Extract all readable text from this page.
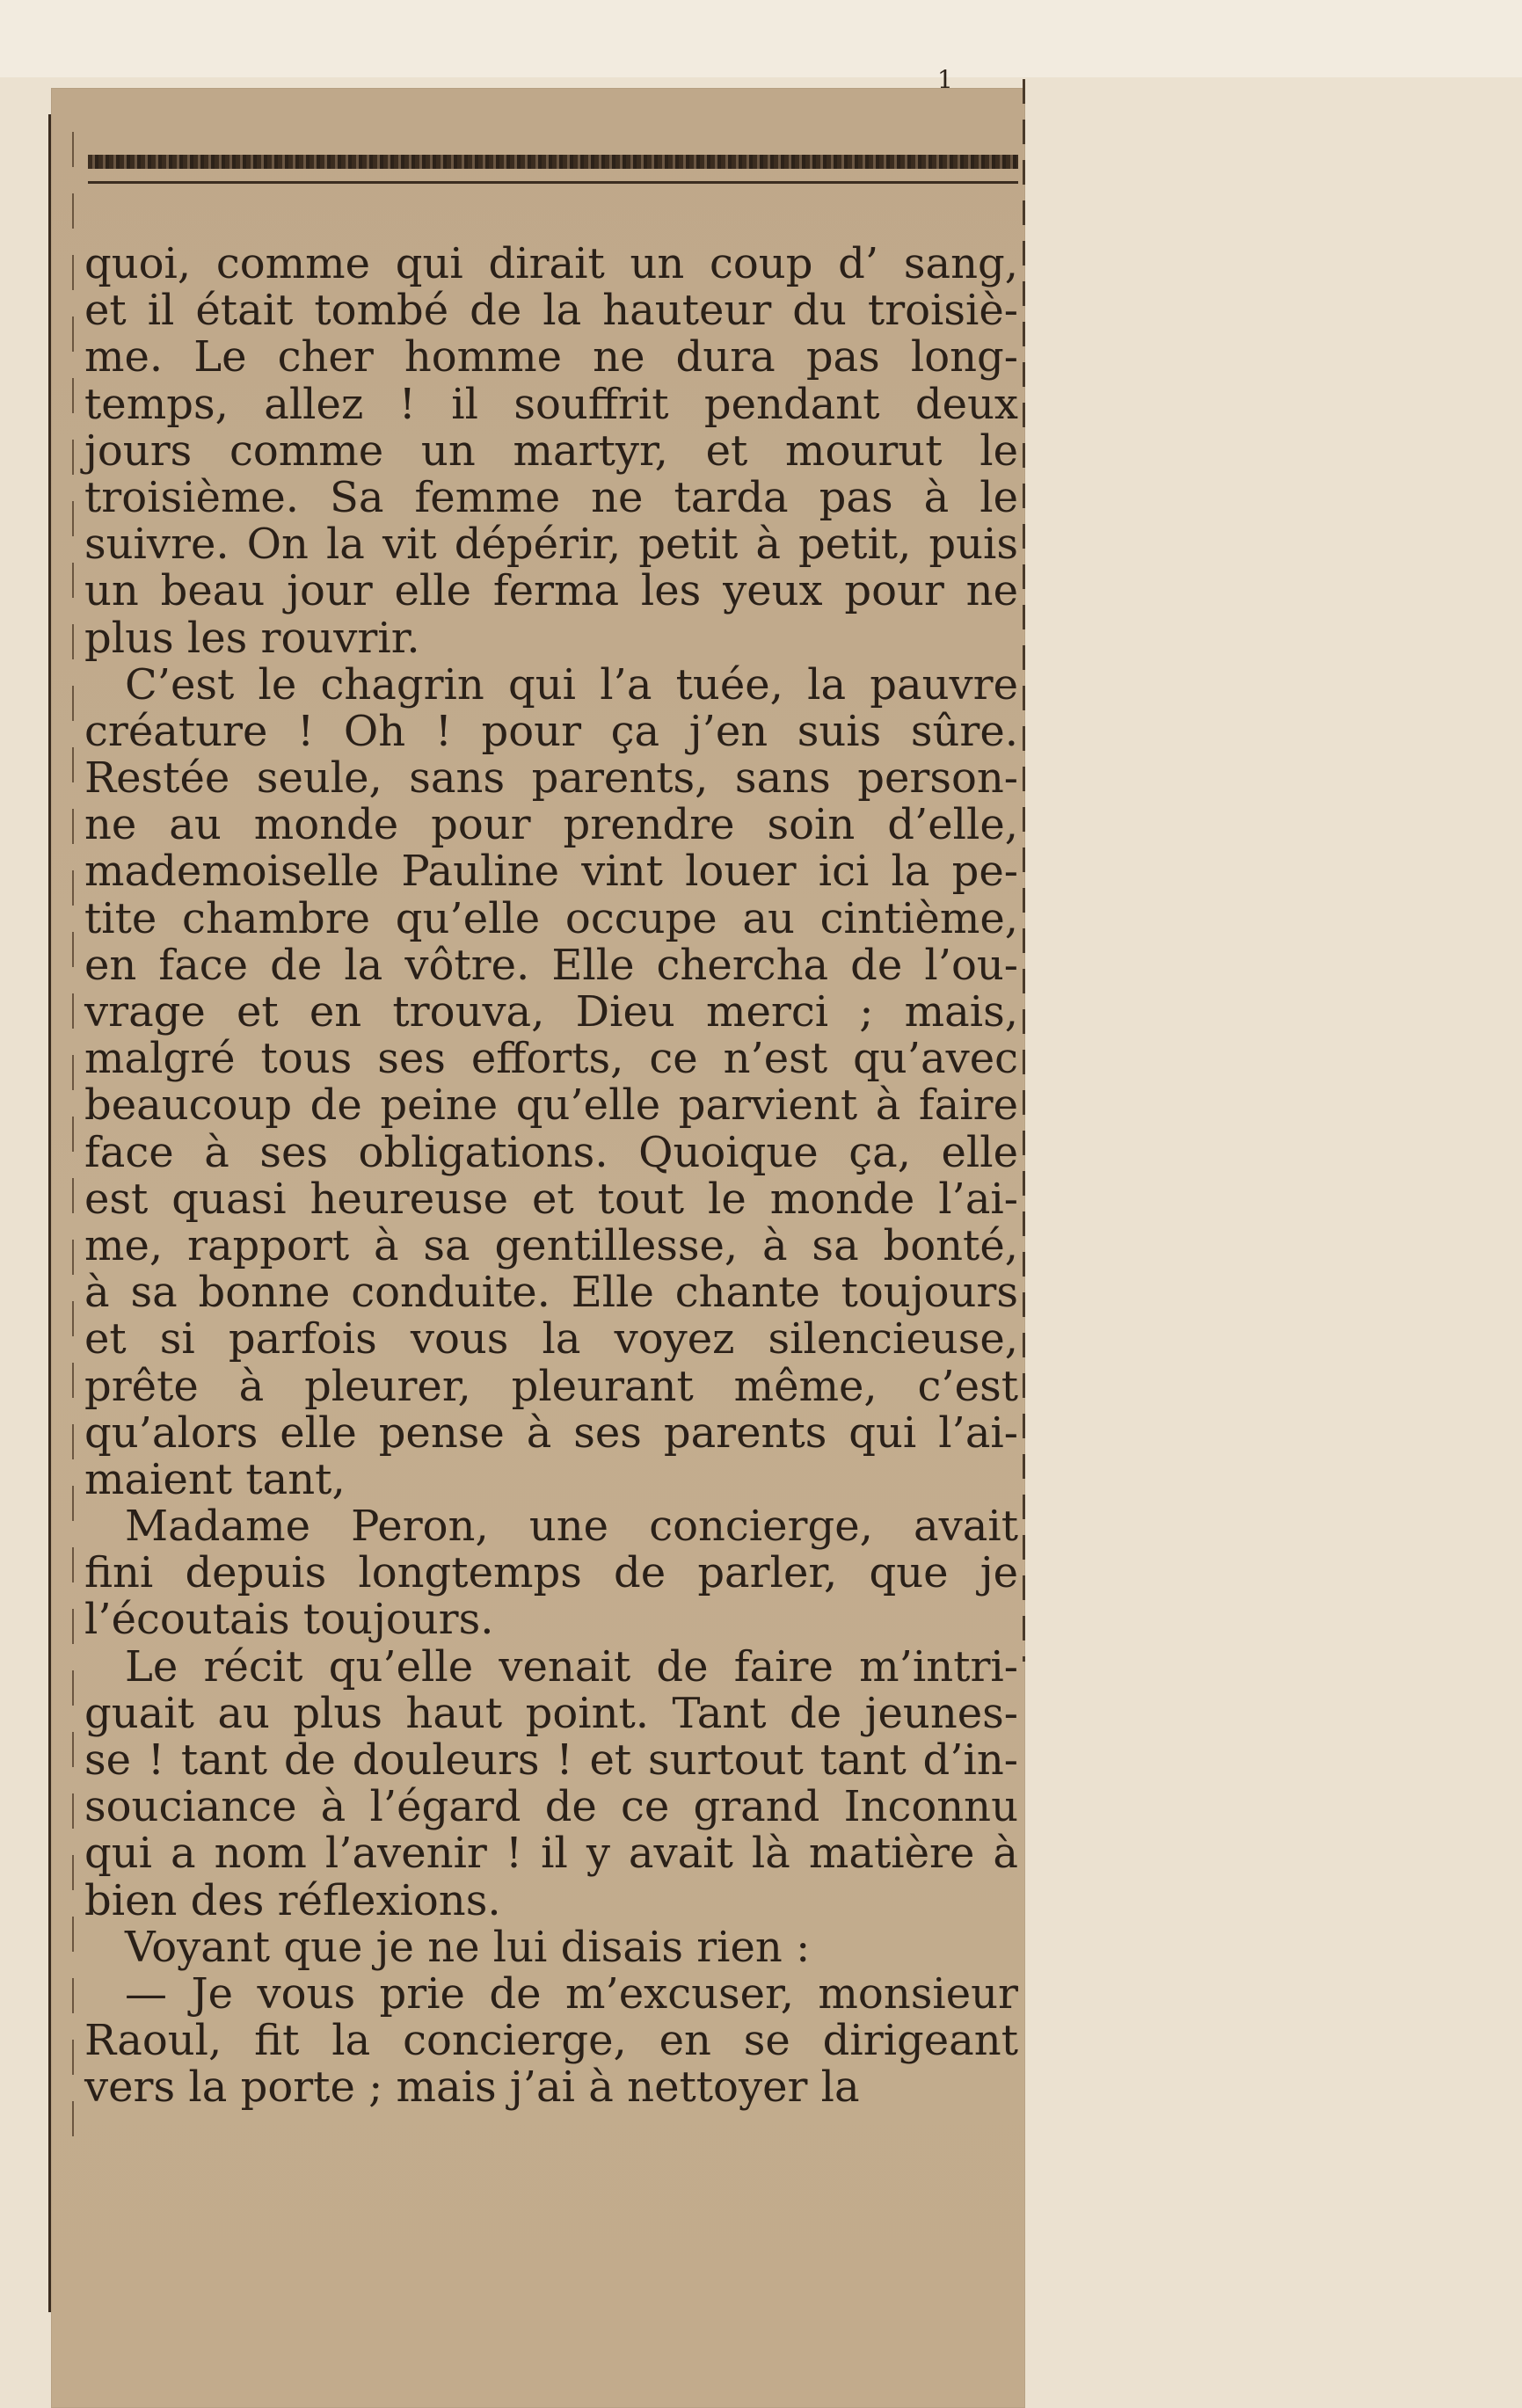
1
quoi, comme qui dirait un coup d’ sang,
et il était tombé de la hauteur du troisiè-
me. Le cher homme ne dura pas long-
temps, allez ! il souffrit pendant deux
jours comme un martyr, et mourut le
troisième. Sa femme ne tarda pas à le
suivre. On la vit dépérir, petit à petit, puis
un beau jour elle ferma les yeux pour ne
plus les rouvrir.
C’est le chagrin qui l’a tuée, la pauvre
créature ! Oh ! pour ça j’en suis sûre.
Restée seule, sans parents, sans person-
ne au monde pour prendre soin d’elle,
mademoiselle Pauline vint louer ici la pe-
tite chambre qu’elle occupe au cintième,
en face de la vôtre. Elle chercha de l’ou-
vrage et en trouva, Dieu merci ; mais,
malgré tous ses efforts, ce n’est qu’avec
beaucoup de peine qu’elle parvient à faire
face à ses obligations. Quoique ça, elle
est quasi heureuse et tout le monde l’ai-
me, rapport à sa gentillesse, à sa bonté,
à sa bonne conduite. Elle chante toujours
et si parfois vous la voyez silencieuse,
prête à pleurer, pleurant même, c’est
qu’alors elle pense à ses parents qui l’ai-
maient tant,
Madame Peron, une concierge, avait
fini depuis longtemps de parler, que je
l’écoutais toujours.
Le récit qu’elle venait de faire m’intri-
guait au plus haut point. Tant de jeunes-
se ! tant de douleurs ! et surtout tant d’in-
souciance à l’égard de ce grand Inconnu
qui a nom l’avenir ! il y avait là matière à
bien des réflexions.
Voyant que je ne lui disais rien :
— Je vous prie de m’excuser, monsieur
Raoul, fit la concierge, en se dirigeant
vers la porte ; mais j’ai à nettoyer la
